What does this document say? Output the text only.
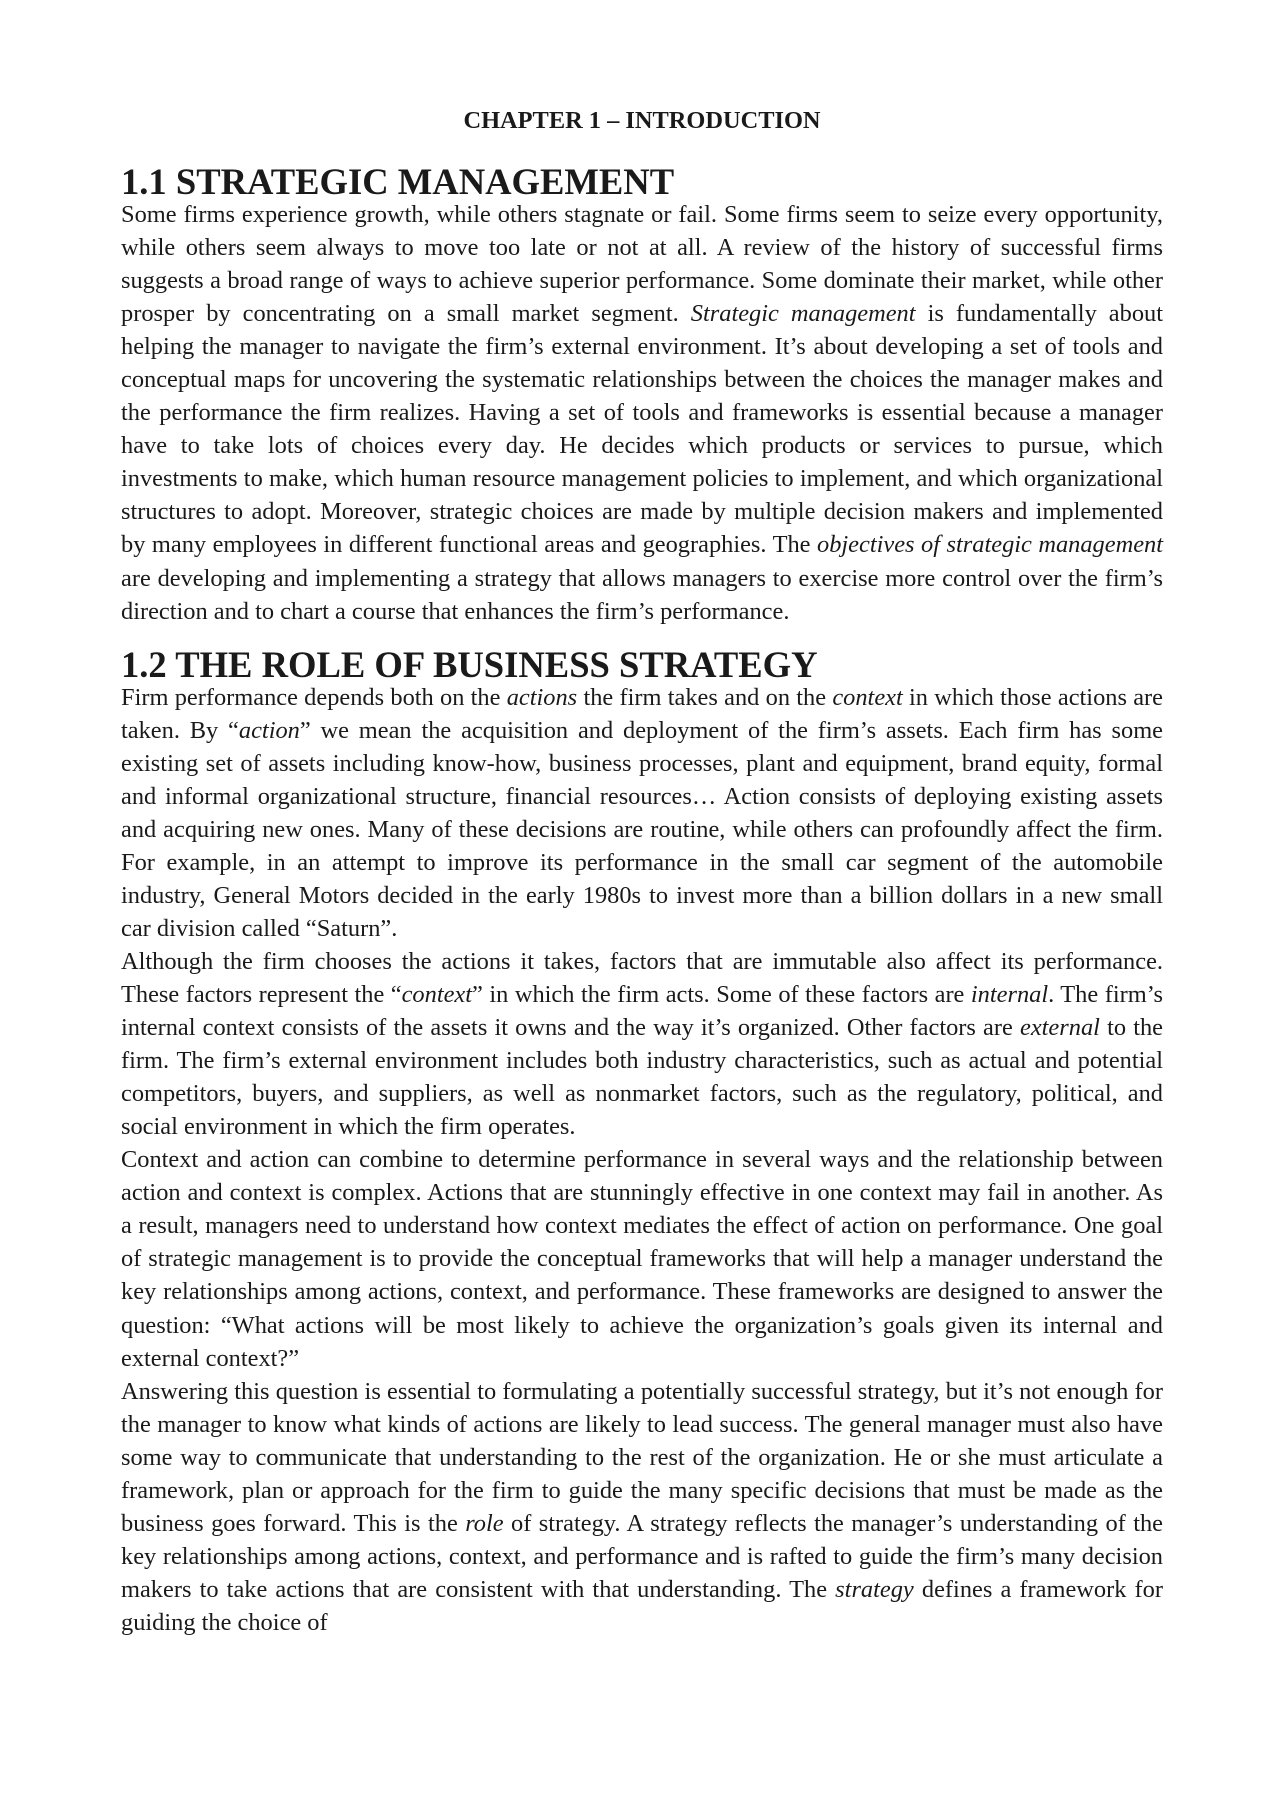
CHAPTER 1 – INTRODUCTION
1.1 STRATEGIC MANAGEMENT

Some firms experience growth, while others stagnate or fail. Some firms seem to seize every opportunity, while others seem always to move too late or not at all. A review of the history of successful firms suggests a broad range of ways to achieve superior performance. Some dominate their market, while other prosper by concentrating on a small market segment. Strategic management is fundamentally about helping the manager to navigate the firm’s external environment. It’s about developing a set of tools and conceptual maps for uncovering the systematic relationships between the choices the manager makes and the performance the firm realizes. Having a set of tools and frameworks is essential because a manager have to take lots of choices every day. He decides which products or services to pursue, which investments to make, which human resource management policies to implement, and which organizational structures to adopt. Moreover, strategic choices are made by multiple decision makers and implemented by many employees in different functional areas and geographies. The objectives of strategic management are developing and implementing a strategy that allows managers to exercise more control over the firm’s direction and to chart a course that enhances the firm’s performance.

1.2 THE ROLE OF BUSINESS STRATEGY

Firm performance depends both on the actions the firm takes and on the context in which those actions are taken. By “action” we mean the acquisition and deployment of the firm’s assets. Each firm has some existing set of assets including know-how, business processes, plant and equipment, brand equity, formal and informal organizational structure, financial resources… Action consists of deploying existing assets and acquiring new ones. Many of these decisions are routine, while others can profoundly affect the firm. For example, in an attempt to improve its performance in the small car segment of the automobile industry, General Motors decided in the early 1980s to invest more than a billion dollars in a new small car division called “Saturn”.

Although the firm chooses the actions it takes, factors that are immutable also affect its performance. These factors represent the “context” in which the firm acts. Some of these factors are internal. The firm’s internal context consists of the assets it owns and the way it’s organized. Other factors are external to the firm. The firm’s external environment includes both industry characteristics, such as actual and potential competitors, buyers, and suppliers, as well as nonmarket factors, such as the regulatory, political, and social environment in which the firm operates.

Context and action can combine to determine performance in several ways and the relationship between action and context is complex. Actions that are stunningly effective in one context may fail in another. As a result, managers need to understand how context mediates the effect of action on performance. One goal of strategic management is to provide the conceptual frameworks that will help a manager understand the key relationships among actions, context, and performance. These frameworks are designed to answer the question: “What actions will be most likely to achieve the organization’s goals given its internal and external context?”

Answering this question is essential to formulating a potentially successful strategy, but it’s not enough for the manager to know what kinds of actions are likely to lead success. The general manager must also have some way to communicate that understanding to the rest of the organization. He or she must articulate a framework, plan or approach for the firm to guide the many specific decisions that must be made as the business goes forward. This is the role of strategy. A strategy reflects the manager’s understanding of the key relationships among actions, context, and performance and is rafted to guide the firm’s many decision makers to take actions that are consistent with that understanding. The strategy defines a framework for guiding the choice of
